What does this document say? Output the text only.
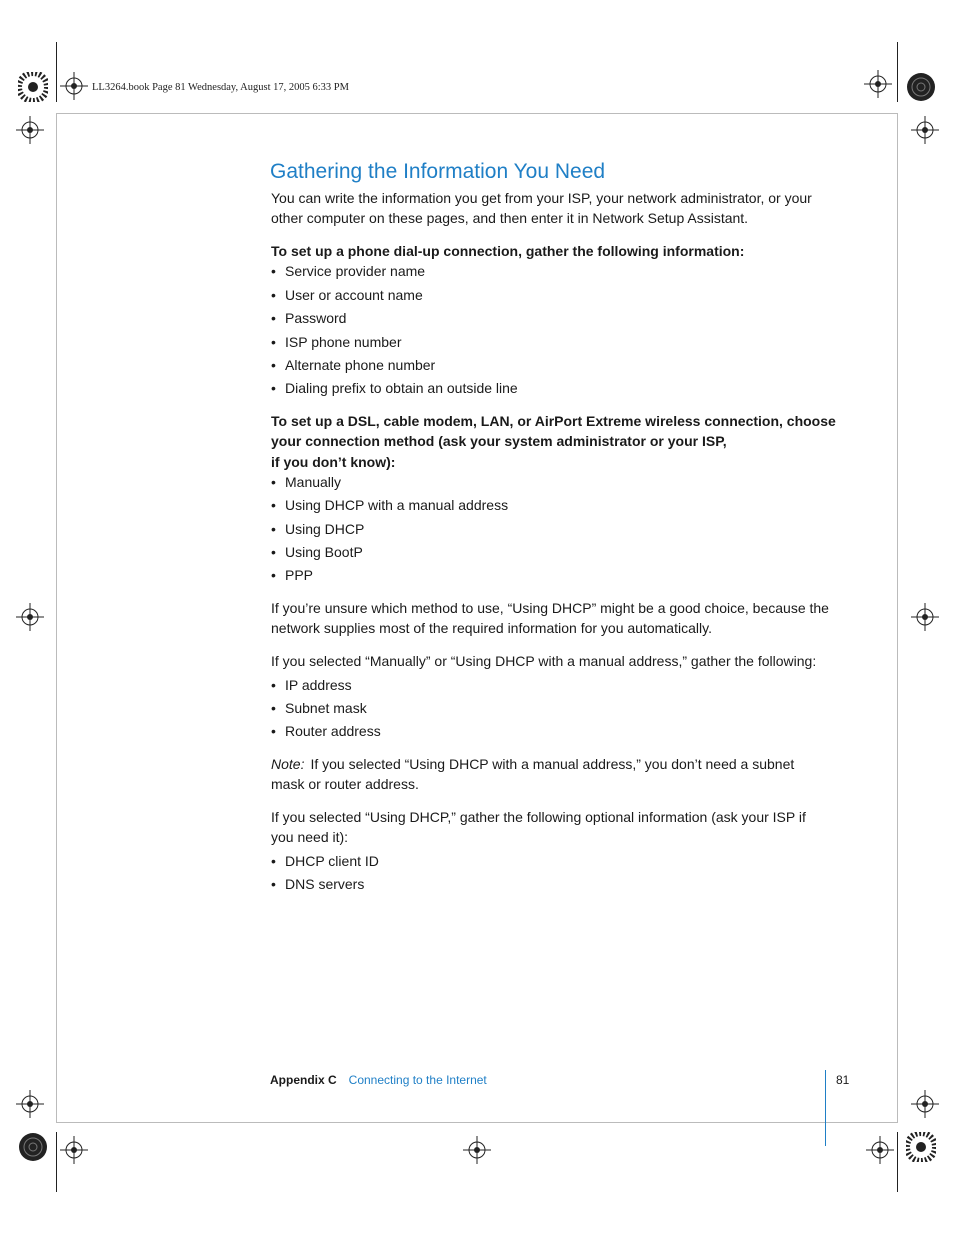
LL3264.book Page 81 Wednesday, August 17, 2005 6:33 PM
Gathering the Information You Need

You can write the information you get from your ISP, your network administrator, or your other computer on these pages, and then enter it in Network Setup Assistant.

To set up a phone dial-up connection, gather the following information:

• Service provider name
• User or account name
• Password
• ISP phone number
• Alternate phone number
• Dialing prefix to obtain an outside line
To set up a DSL, cable modem, LAN, or AirPort Extreme wireless connection, choose
your connection method (ask your system administrator or your ISP,
if you don’t know):
• Manually
• Using DHCP with a manual address
• Using DHCP
• Using BootP
• PPP

If you’re unsure which method to use, “Using DHCP” might be a good choice, because the network supplies most of the required information for you automatically.

If you selected “Manually” or “Using DHCP with a manual address,” gather the following:

• IP address
• Subnet mask
• Router address

Note: If you selected “Using DHCP with a manual address,” you don’t need a subnet mask or router address.

If you selected “Using DHCP,” gather the following optional information (ask your ISP if you need it):

• DHCP client ID
• DNS servers
Appendix C Connecting to the Internet	81
